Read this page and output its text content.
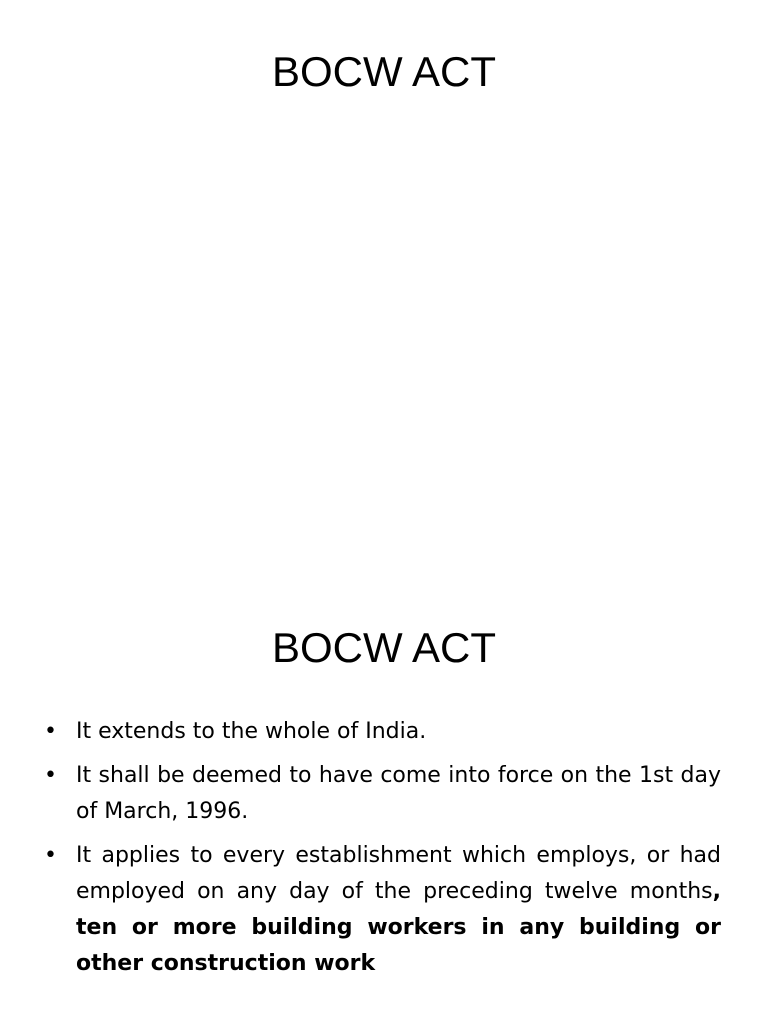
BOCW ACT
BOCW ACT
• It extends to the whole of India.
• It shall be deemed to have come into force on the 1st day of March, 1996.
• It applies to every establishment which employs, or had employed on any day of the preceding twelve months, ten or more building workers in any building or other construction work
